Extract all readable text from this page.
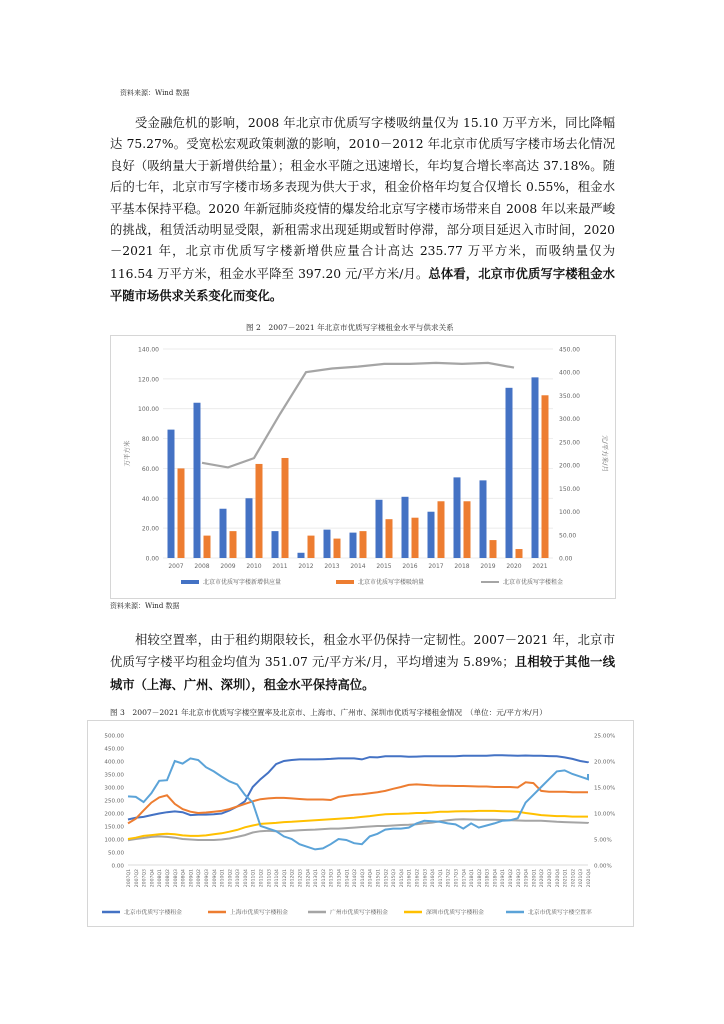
资料来源：Wind 数据

受金融危机的影响，2008 年北京市优质写字楼吸纳量仅为 15.10 万平方米，同比降幅达 75.27%。受宽松宏观政策刺激的影响，2010－2012 年北京市优质写字楼市场去化情况良好（吸纳量大于新增供给量）；租金水平随之迅速增长，年均复合增长率高达 37.18%。随后的七年，北京市写字楼市场多表现为供大于求，租金价格年均复合仅增长 0.55%，租金水平基本保持平稳。2020 年新冠肺炎疫情的爆发给北京写字楼市场带来自 2008 年以来最严峻的挑战，租赁活动明显受限，新租需求出现延期或暂时停滞，部分项目延迟入市时间，2020－2021 年，北京市优质写字楼新增供应量合计高达 235.77 万平方米，而吸纳量仅为 116.54 万平方米，租金水平降至 397.20 元/平方米/月。总体看，北京市优质写字楼租金水平随市场供求关系变化而变化。

图 2　2007－2021 年北京市优质写字楼租金水平与供求关系
0.00
20.00
40.00
60.00
80.00
100.00
120.00
140.00
0.00
50.00
100.00
150.00
200.00
250.00
300.00
350.00
400.00
450.00
万平方米	元/平方米/月
2007 2008 2009 2010 2011 2012 2013 2014 2015 2016 2017 2018 2019 2020 2021
北京市优质写字楼新增供应量	北京市优质写字楼吸纳量	北京市优质写字楼租金
资料来源：Wind 数据

相较空置率，由于租约期限较长，租金水平仍保持一定韧性。2007－2021 年，北京市优质写字楼平均租金均值为 351.07 元/平方米/月，平均增速为 5.89%；且相较于其他一线城市（上海、广州、深圳），租金水平保持高位。

图 3　2007－2021 年北京市优质写字楼空置率及北京市、上海市、广州市、深圳市优质写字楼租金情况　（单位：元/平方米/月）
0.00
50.00
100.00
150.00
200.00
250.00
300.00
350.00
400.00
450.00
500.00
0.00%
5.00%
10.00%
15.00%
20.00%
25.00%
2007Q1 2007Q2 2007Q3 2007Q4 2008Q1 2008Q2 2008Q3 2008Q4 2009Q1 2009Q2 2009Q3 2009Q4 2010Q1 2010Q2 2010Q3 2010Q4 2011Q1 2011Q2 2011Q3 2011Q4 2012Q1 2012Q2 2012Q3 2012Q4 2013Q1 2013Q2 2013Q3 2013Q4 2014Q1 2014Q2 2014Q3 2014Q4 2015Q1 2015Q2 2015Q3 2015Q4 2016Q1 2016Q2 2016Q3 2016Q4 2017Q1 2017Q2 2017Q3 2017Q4 2018Q1 2018Q2 2018Q3 2018Q4 2019Q1 2019Q2 2019Q3 2019Q4 2020Q1 2020Q2 2020Q3 2020Q4 2021Q1 2021Q2 2021Q3 2021Q4
北京市优质写字楼租金	上海市优质写字楼租金	广州市优质写字楼租金	深圳市优质写字楼租金	北京市优质写字楼空置率
